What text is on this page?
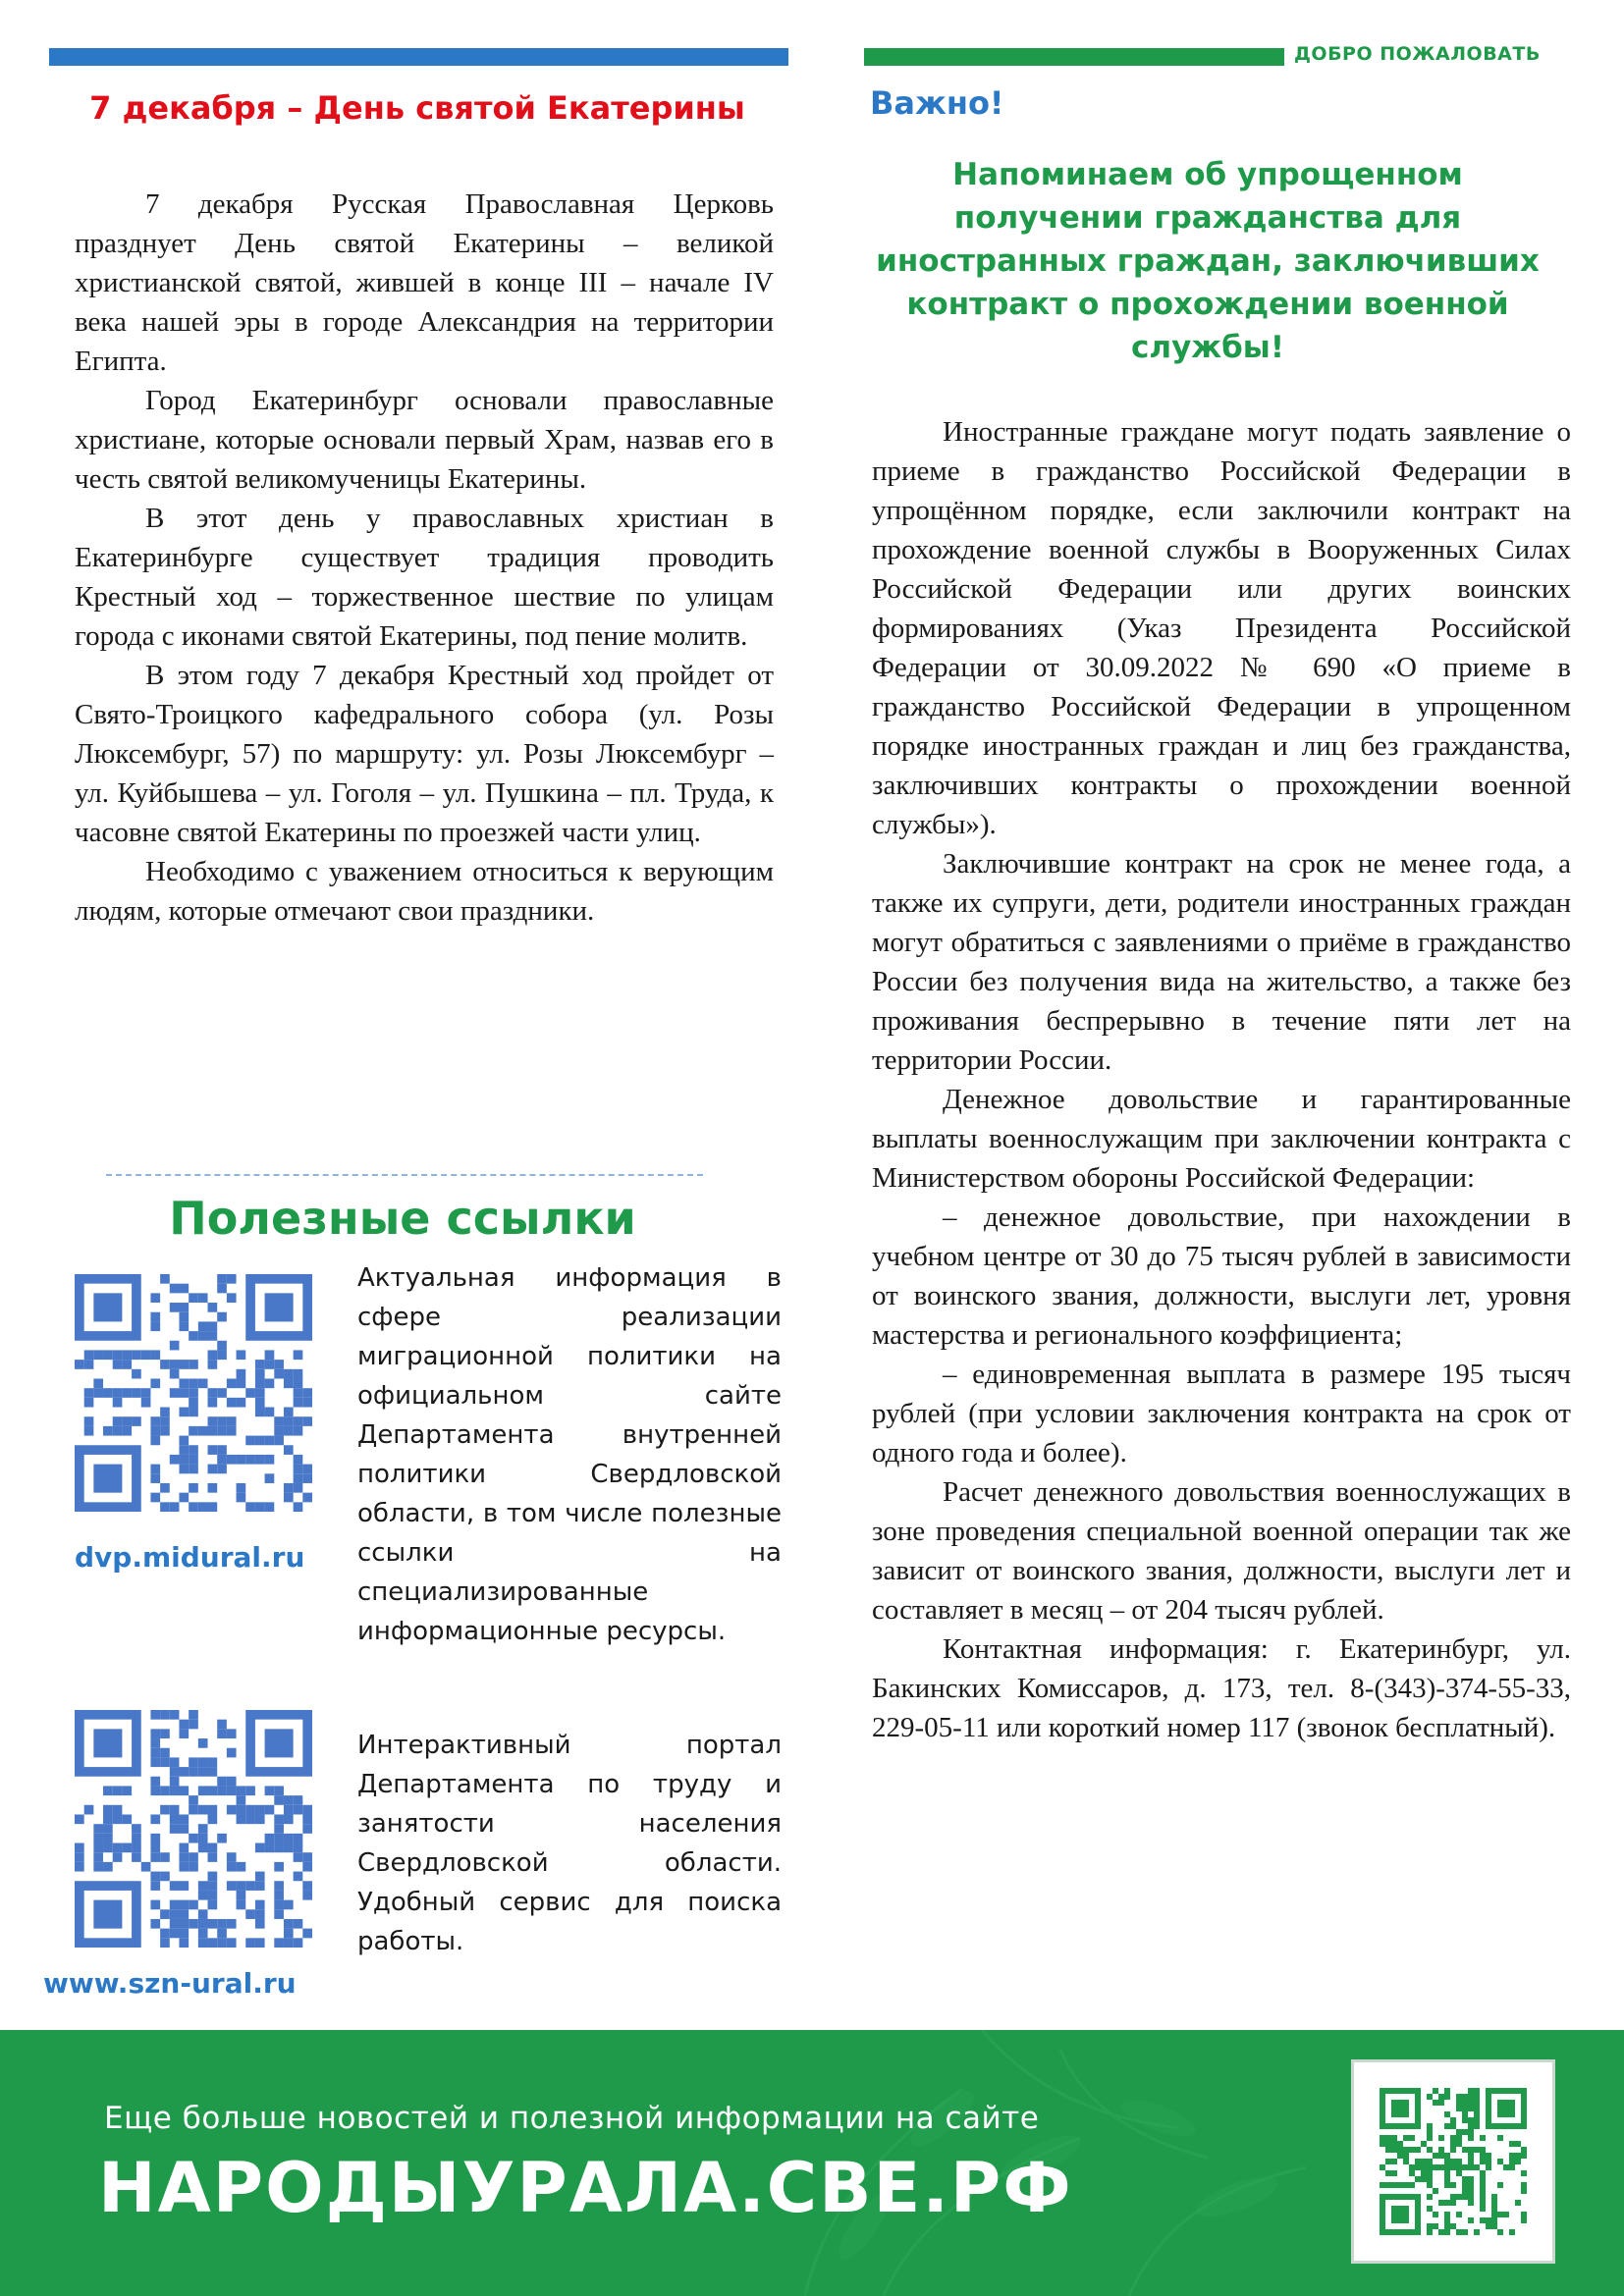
ДОБРО ПОЖАЛОВАТЬ
7 декабря – День святой Екатерины

7 декабря Русская Православная Церковь празднует День святой Екатерины – великой христианской святой, жившей в конце III – начале IV века нашей эры в городе Александрия на территории Египта.

Город Екатеринбург основали православные христиане, которые основали первый Храм, назвав его в честь святой великомученицы Екатерины.

В этот день у православных христиан в Екатеринбурге существует традиция проводить Крестный ход – торжественное шествие по улицам города с иконами святой Екатерины, под пение молитв.

В этом году 7 декабря Крестный ход пройдет от Свято-Троицкого кафедрального собора (ул. Розы Люксембург, 57) по маршруту: ул. Розы Люксембург – ул. Куйбышева – ул. Гоголя – ул. Пушкина – пл. Труда, к часовне святой Екатерины по проезжей части улиц.

Необходимо с уважением относиться к верующим людям, которые отмечают свои праздники.

Полезные ссылки
dvp.midural.ru
Актуальная информация в сфере реализации миграционной политики на официальном сайте Департамента внутренней политики Свердловской области, в том числе полезные ссылки на специализированные информационные ресурсы.
www.szn-ural.ru
Интерактивный портал Департамента по труду и занятости населения Свердловской области. Удобный сервис для поиска работы.
Важно!
Напоминаем об упрощенном получении гражданства для иностранных граждан, заключивших контракт о прохождении военной службы!

Иностранные граждане могут подать заявление о приеме в гражданство Российской Федерации в упрощённом порядке, если заключили контракт на прохождение военной службы в Вооруженных Силах Российской Федерации или других воинских формированиях (Указ Президента Российской Федерации от 30.09.2022 № 690 «О приеме в гражданство Российской Федерации в упрощенном порядке иностранных граждан и лиц без гражданства, заключивших контракты о прохождении военной службы»).

Заключившие контракт на срок не менее года, а также их супруги, дети, родители иностранных граждан могут обратиться с заявлениями о приёме в гражданство России без получения вида на жительство, а также без проживания беспрерывно в течение пяти лет на территории России.

Денежное довольствие и гарантированные выплаты военнослужащим при заключении контракта с Министерством обороны Российской Федерации:

– денежное довольствие, при нахождении в учебном центре от 30 до 75 тысяч рублей в зависимости от воинского звания, должности, выслуги лет, уровня мастерства и регионального коэффициента;

– единовременная выплата в размере 195 тысяч рублей (при условии заключения контракта на срок от одного года и более).

Расчет денежного довольствия военнослужащих в зоне проведения специальной военной операции так же зависит от воинского звания, должности, выслуги лет и составляет в месяц – от 204 тысяч рублей.

Контактная информация: г. Екатеринбург, ул. Бакинских Комиссаров, д. 173, тел. 8-(343)-374-55-33, 229-05-11 или короткий номер 117 (звонок бесплатный).

Еще больше новостей и полезной информации на сайте
НАРОДЫУРАЛА.СВЕ.РФ
